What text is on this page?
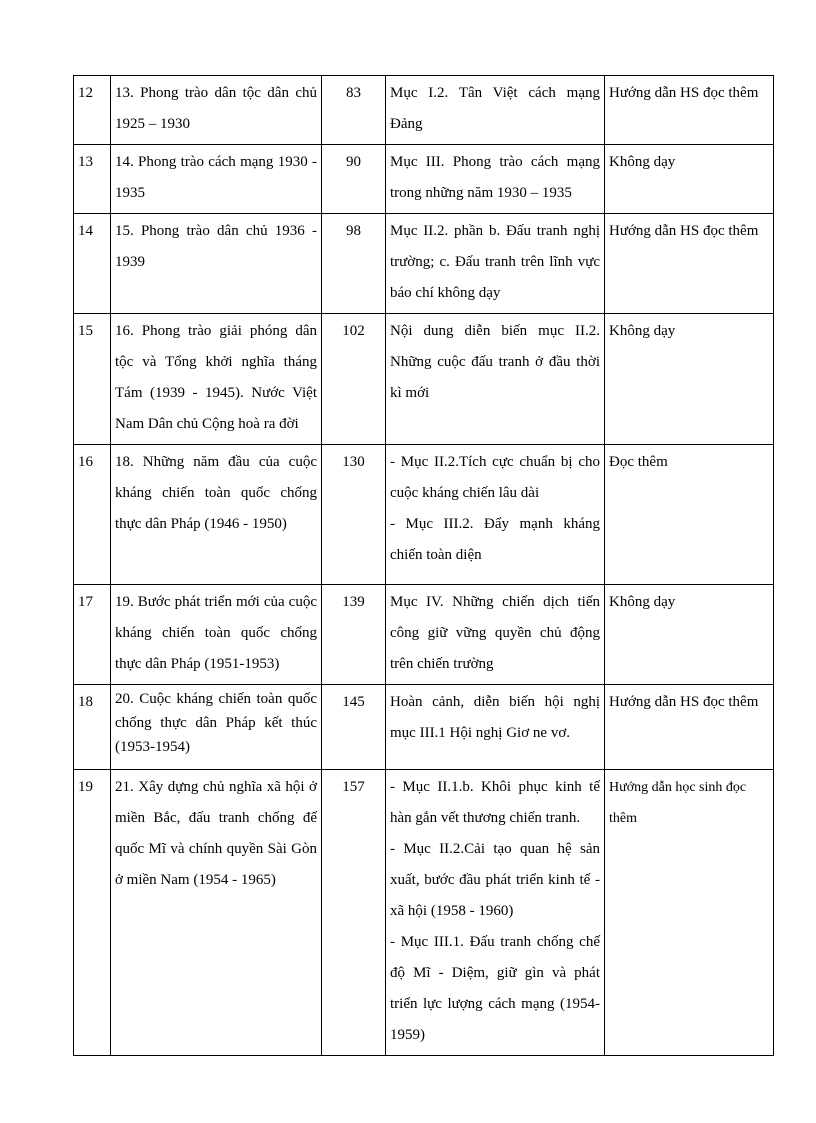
12	13. Phong trào dân tộc dân chủ 1925 – 1930	83	Mục I.2. Tân Việt cách mạng Đảng	Hướng dẫn HS đọc thêm
13	14. Phong trào cách mạng 1930 - 1935	90	Mục III. Phong trào cách mạng trong những năm 1930 – 1935	Không dạy
14	15. Phong trào dân chủ 1936 - 1939	98	Mục II.2. phần b. Đấu tranh nghị trường; c. Đấu tranh trên lĩnh vực báo chí không dạy	Hướng dẫn HS đọc thêm
15	16. Phong trào giải phóng dân tộc và Tổng khởi nghĩa tháng Tám (1939 - 1945). Nước Việt Nam Dân chủ Cộng hoà ra đời	102	Nội dung diễn biến mục II.2. Những cuộc đấu tranh ở đầu thời kì mới	Không dạy
16	18. Những năm đầu của cuộc kháng chiến toàn quốc chống thực dân Pháp (1946 - 1950)	130	- Mục II.2.Tích cực chuẩn bị cho cuộc kháng chiến lâu dài
- Mục III.2. Đẩy mạnh kháng chiến toàn diện	Đọc thêm
17	19. Bước phát triển mới của cuộc kháng chiến toàn quốc chống thực dân Pháp (1951-1953)	139	Mục IV. Những chiến dịch tiến công giữ vững quyền chủ động trên chiến trường	Không dạy
18	20. Cuộc kháng chiến toàn quốc chống thực dân Pháp kết thúc (1953-1954)	145	Hoàn cảnh, diễn biến hội nghị mục III.1 Hội nghị Giơ ne vơ.	Hướng dẫn HS đọc thêm
19	21. Xây dựng chủ nghĩa xã hội ở miền Bắc, đấu tranh chống đế quốc Mĩ và chính quyền Sài Gòn ở miền Nam (1954 - 1965)	157	- Mục II.1.b. Khôi phục kinh tế hàn gắn vết thương chiến tranh.
- Mục II.2.Cải tạo quan hệ sản xuất, bước đầu phát triển kinh tế - xã hội (1958 - 1960)
- Mục III.1. Đấu tranh chống chế độ Mĩ - Diệm, giữ gìn và phát triển lực lượng cách mạng (1954- 1959)	Hướng dẫn học sinh đọc thêm
